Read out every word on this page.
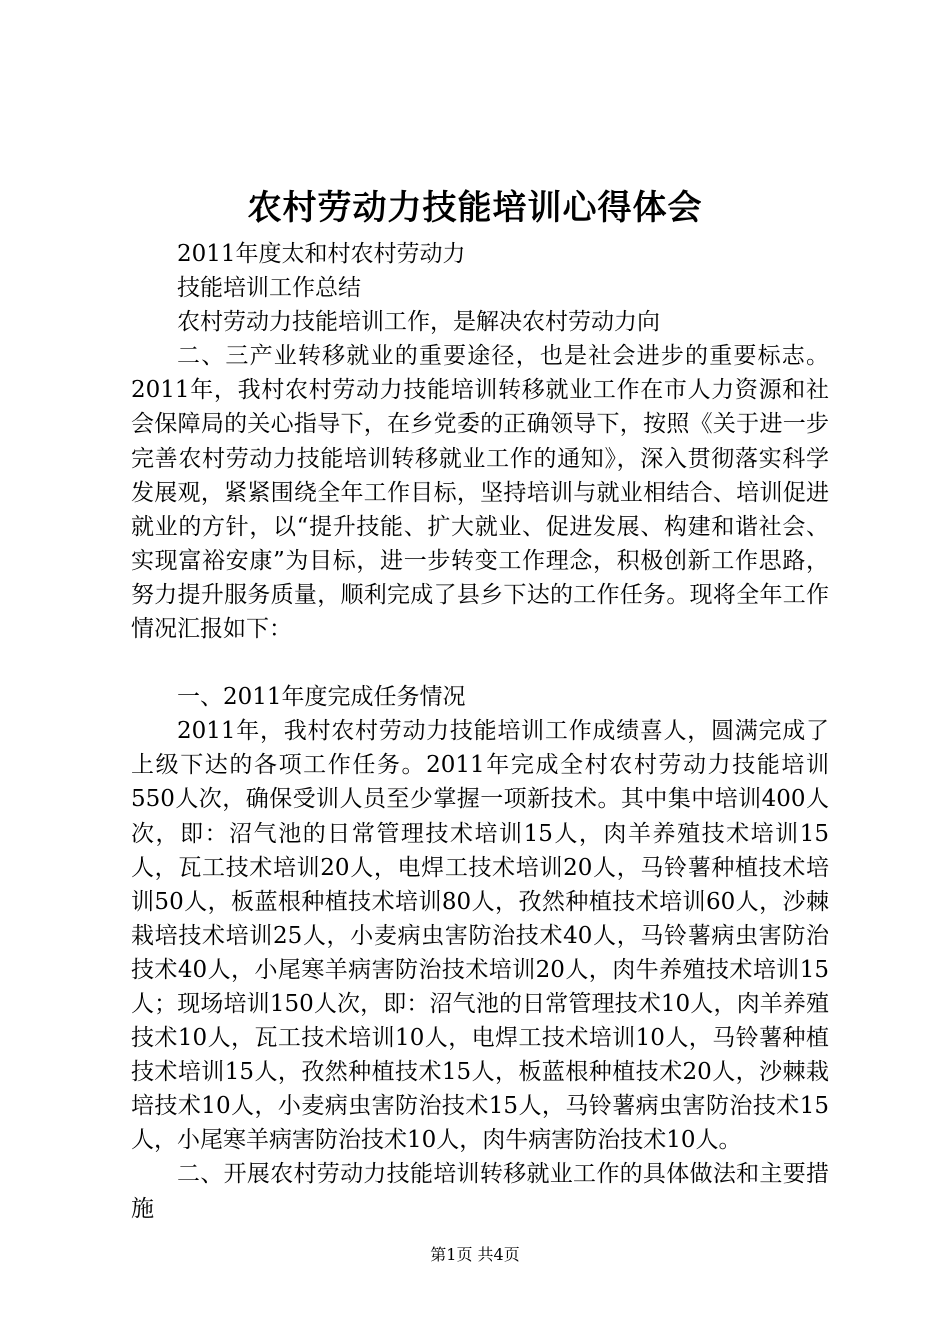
农村劳动力技能培训心得体会

2011年度太和村农村劳动力

技能培训工作总结

农村劳动力技能培训工作，是解决农村劳动力向

二、三产业转移就业的重要途径，也是社会进步的重要标志。2011年，我村农村劳动力技能培训转移就业工作在市人力资源和社会保障局的关心指导下，在乡党委的正确领导下，按照《关于进一步完善农村劳动力技能培训转移就业工作的通知》，深入贯彻落实科学发展观，紧紧围绕全年工作目标，坚持培训与就业相结合、培训促进就业的方针，以“提升技能、扩大就业、促进发展、构建和谐社会、实现富裕安康”为目标，进一步转变工作理念，积极创新工作思路，努力提升服务质量，顺利完成了县乡下达的工作任务。现将全年工作情况汇报如下：

一、2011年度完成任务情况

2011年，我村农村劳动力技能培训工作成绩喜人，圆满完成了上级下达的各项工作任务。2011年完成全村农村劳动力技能培训550人次，确保受训人员至少掌握一项新技术。其中集中培训400人次，即：沼气池的日常管理技术培训15人，肉羊养殖技术培训15人，瓦工技术培训20人，电焊工技术培训20人，马铃薯种植技术培训50人，板蓝根种植技术培训80人，孜然种植技术培训60人，沙棘栽培技术培训25人，小麦病虫害防治技术40人，马铃薯病虫害防治技术40人，小尾寒羊病害防治技术培训20人，肉牛养殖技术培训15人；现场培训150人次，即：沼气池的日常管理技术10人，肉羊养殖技术10人，瓦工技术培训10人，电焊工技术培训10人，马铃薯种植技术培训15人，孜然种植技术15人，板蓝根种植技术20人，沙棘栽培技术10人，小麦病虫害防治技术15人，马铃薯病虫害防治技术15人，小尾寒羊病害防治技术10人，肉牛病害防治技术10人。

二、开展农村劳动力技能培训转移就业工作的具体做法和主要措施

第1页 共4页
